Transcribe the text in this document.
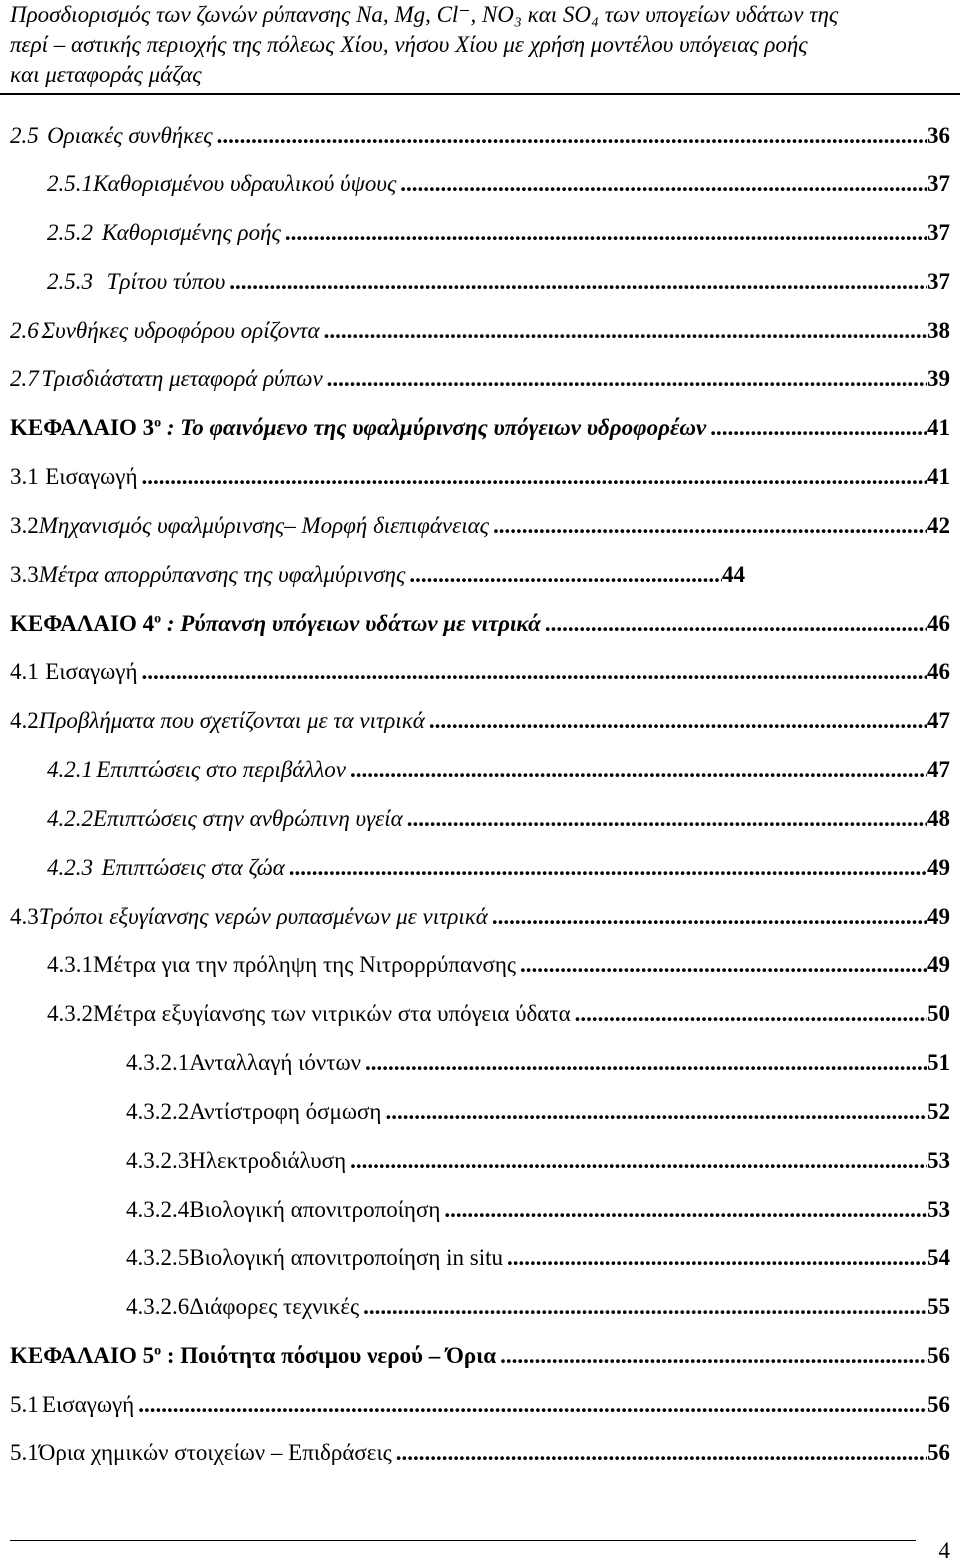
Προσδιορισμός των ζωνών ρύπανσης Na, Mg, Cl⁻, NO₃ και SO₄ των υπογείων υδάτων της
περί – αστικής περιοχής της πόλεως Χίου, νήσου Χίου με χρήση μοντέλου υπόγειας ροής
και μεταφοράς μάζας
2.5 Οριακές συνθήκες .....	36
2.5.1 Καθορισμένου υδραυλικού ύψους .....	37
2.5.2 Καθορισμένης ροής .....	37
2.5.3 Τρίτου τύπου .....	37
2.6 Συνθήκες υδροφόρου ορίζοντα .....	38
2.7 Τρισδιάστατη μεταφορά ρύπων .....	39
ΚΕΦΑΛΑΙΟ $3^o$ : Το φαινόμενο της υφαλμύρινσης υπόγειων υδροφορέων .....	41
3.1 Εισαγωγή .....	41
3.2 Μηχανισμός υφαλμύρινσης– Μορφή διεπιφάνειας .....	42
3.3 Μέτρα απορρύπανσης της υφαλμύρινσης .....	44
ΚΕΦΑΛΑΙΟ $4^o$ : Ρύπανση υπόγειων υδάτων με νιτρικά .....	46
4.1 Εισαγωγή .....	46
4.2 Προβλήματα που σχετίζονται με τα νιτρικά .....	47
4.2.1 Επιπτώσεις στο περιβάλλον .....	47
4.2.2 Επιπτώσεις στην ανθρώπινη υγεία .....	48
4.2.3 Επιπτώσεις στα ζώα .....	49
4.3 Τρόποι εξυγίανσης νερών ρυπασμένων με νιτρικά .....	49
4.3.1 Μέτρα για την πρόληψη της Νιτρορρύπανσης .....	49
4.3.2 Μέτρα εξυγίανσης των νιτρικών στα υπόγεια ύδατα .....	50
4.3.2.1 Ανταλλαγή ιόντων .....	51
4.3.2.2 Αντίστροφη όσμωση .....	52
4.3.2.3 Ηλεκτροδιάλυση .....	53
4.3.2.4 Βιολογική απονιτροποίηση .....	53
4.3.2.5 Βιολογική απονιτροποίηση in situ .....	54
4.3.2.6 Διάφορες τεχνικές .....	55
ΚΕΦΑΛΑΙΟ $5^o$ : Ποιότητα πόσιμου νερού – Όρια .....	56
5.1 Εισαγωγή .....	56
5.1 Όρια χημικών στοιχείων – Επιδράσεις .....	56
4
